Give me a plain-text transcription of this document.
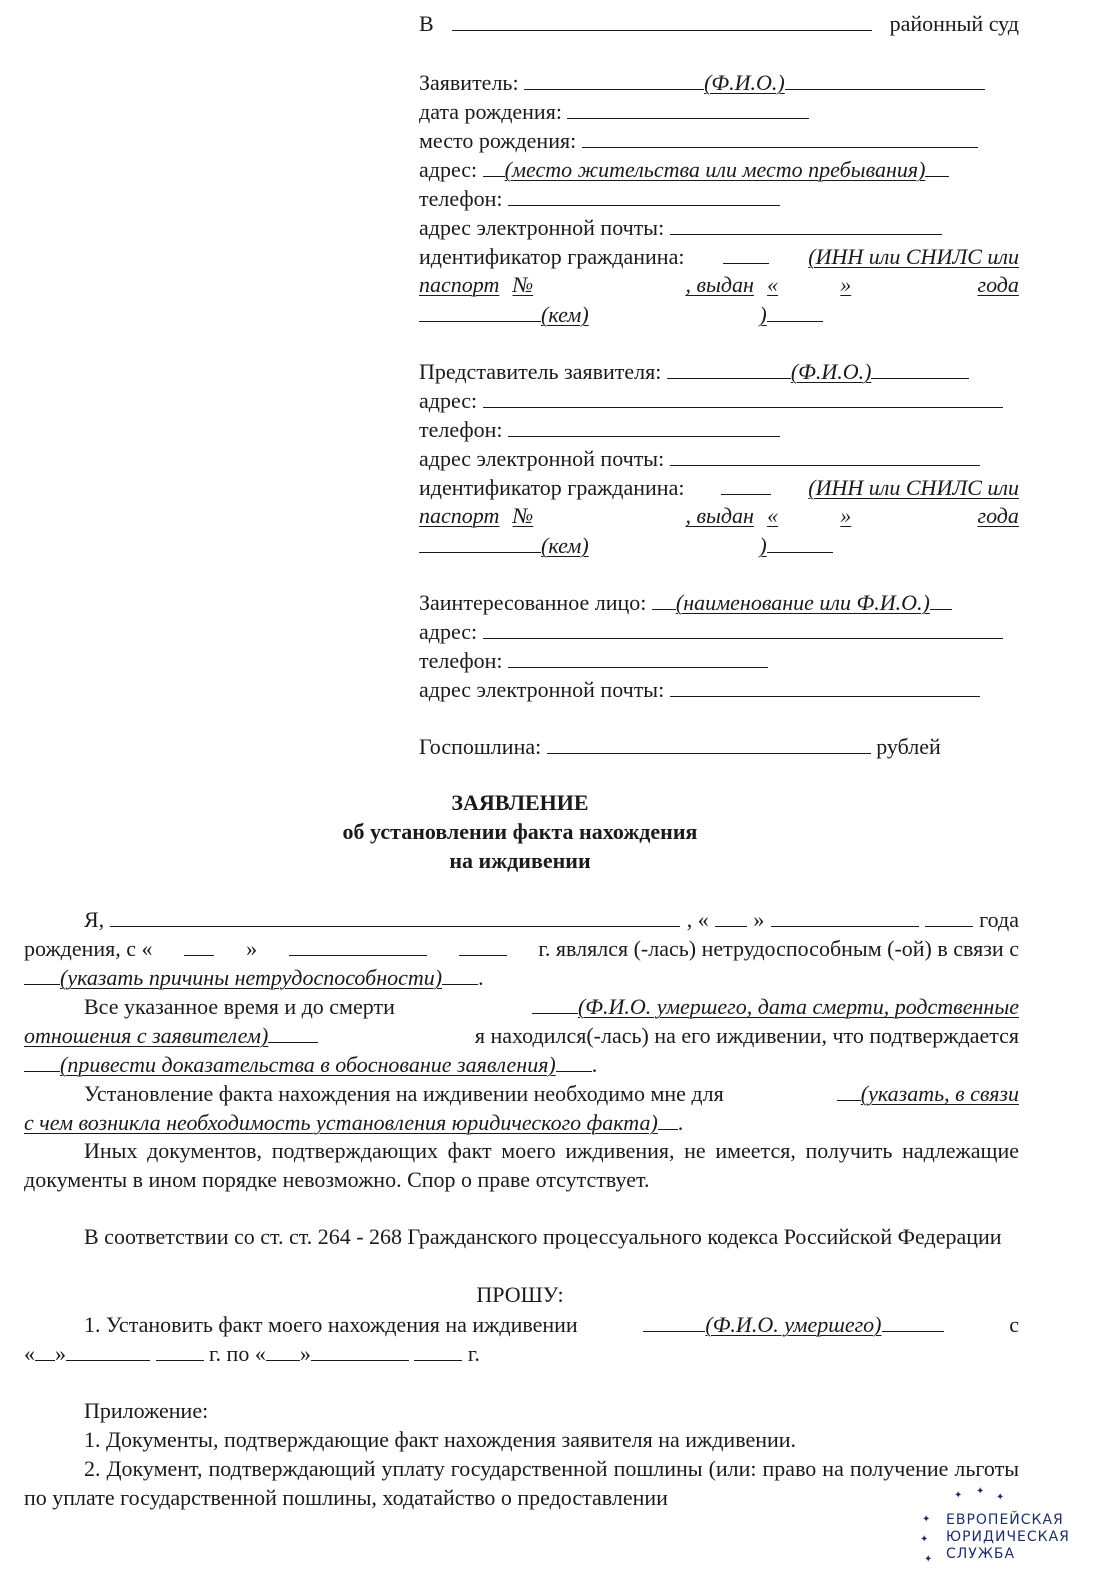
В	районный суд
Заявитель:	(Ф.И.О.)
дата рождения:
место рождения:
адрес: (место жительства или место пребывания)
телефон:
адрес электронной почты:
идентификатор гражданина:	(ИНН или СНИЛС или
паспорт №	, выдан «	»	года
(кем)	)
Представитель заявителя:	(Ф.И.О.)
адрес:
телефон:
адрес электронной почты:
идентификатор гражданина:	(ИНН или СНИЛС или
паспорт №	, выдан «	»	года
(кем)	)
Заинтересованное лицо: (наименование или Ф.И.О.)
адрес:
телефон:
адрес электронной почты:
Госпошлина:	рублей
ЗАЯВЛЕНИЕ
об установлении факта нахождения
на иждивении
Я,	, « »	года
рождения, с «	»	г. являлся (-лась) нетрудоспособным (-ой) в связи с
(указать причины нетрудоспособности) .
Все указанное время и до смерти	(Ф.И.О. умершего, дата смерти, родственные
отношения с заявителем)	я находился(-лась) на его иждивении, что подтверждается
(привести доказательства в обоснование заявления) .
Установление факта нахождения на иждивении необходимо мне для	(указать, в связи
с чем возникла необходимость установления юридического факта) .
Иных документов, подтверждающих факт моего иждивения, не имеется, получить надлежащие документы в ином порядке невозможно. Спор о праве отсутствует.
В соответствии со ст. ст. 264 - 268 Гражданского процессуального кодекса Российской Федерации
ПРОШУ:
1. Установить факт моего нахождения на иждивении	(Ф.И.О. умершего)	с
« »	г. по « »	г.
Приложение:
1. Документы, подтверждающие факт нахождения заявителя на иждивении.
2. Документ, подтверждающий уплату государственной пошлины (или: право на получение льготы по уплате государственной пошлины, ходатайство о предоставлении	✦ ✦
✦
✦
✦
✦
ЕВРОПЕЙСКАЯ
ЮРИДИЧЕСКАЯ
СЛУЖБА
